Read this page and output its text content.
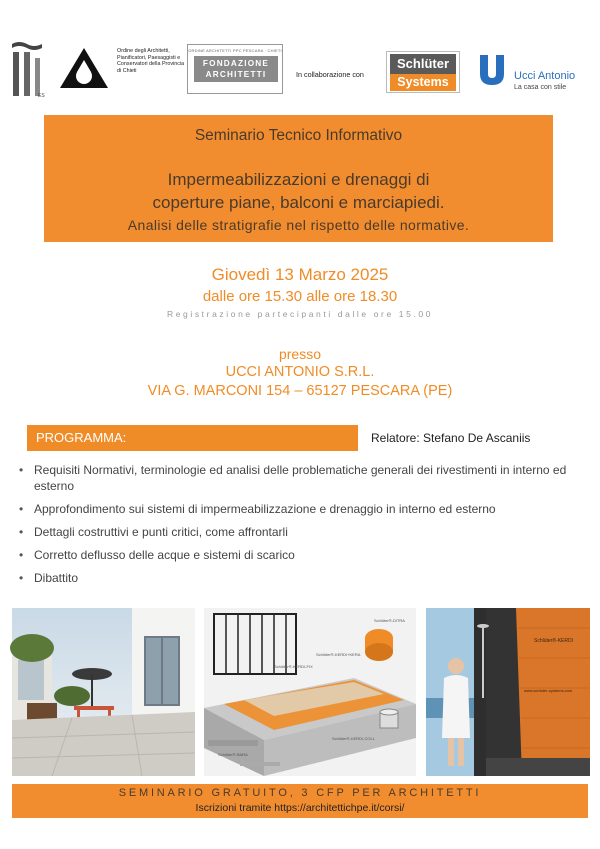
ES
Ordine degli Architetti, Pianificatori, Paesaggisti e Conservatori della Provincia di Chieti
ORDINE ARCHITETTI PPC PESCARA · CHIETI
FONDAZIONE
ARCHITETTI	In collaborazione con
Schlüter
Systems	Ucci Antonio
La casa con stile
Seminario Tecnico Informativo
Impermeabilizzazioni e drenaggi di
coperture piane, balconi e marciapiedi.
Analisi delle stratigrafie nel rispetto delle normative.
Giovedì 13 Marzo 2025
dalle ore 15.30 alle ore 18.30
Registrazione partecipanti dalle ore 15.00
presso
UCCI ANTONIO S.R.L.
VIA G. MARCONI 154 – 65127 PESCARA (PE)
PROGRAMMA:	Relatore: Stefano De Ascaniis
• Requisiti Normativi, terminologie ed analisi delle problematiche generali dei rivestimenti in interno ed esterno
• Approfondimento sui sistemi di impermeabilizzazione e drenaggio in interno ed esterno
• Dettagli costruttivi e punti critici, come affrontarli
• Corretto deflusso delle acque e sistemi di scarico
• Dibattito
Schlüter®-DITRA
Schlüter®-KERDI+KERA
Schlüter®-KERDI-FIX
Schlüter®-KERDI-COLL
Schlüter®-BARA
Schlüter®-KERDI
www.schluter-systems.com
SEMINARIO GRATUITO, 3 CFP PER ARCHITETTI
Iscrizioni tramite https://architettichpe.it/corsi/
